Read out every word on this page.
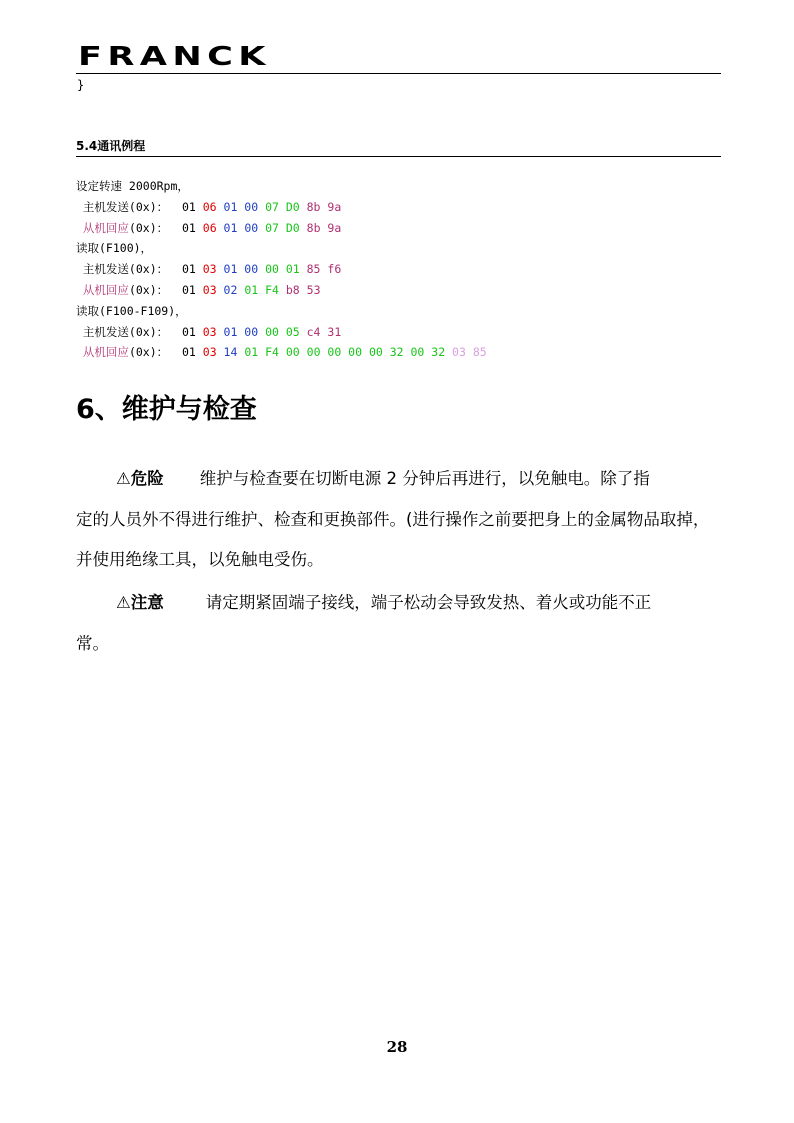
FRANCK
}
5.4通讯例程
设定转速 2000Rpm，
主机发送(0x)：  01 06 01 00 07 D0 8b 9a
从机回应(0x)：  01 06 01 00 07 D0 8b 9a
读取(F100)，
主机发送(0x)：  01 03 01 00 00 01 85 f6
从机回应(0x)：  01 03 02 01 F4 b8 53
读取(F100-F109)，
主机发送(0x)：  01 03 01 00 00 05 c4 31
从机回应(0x)：  01 03 14 01 F4 00 00 00 00 00 32 00 32 03 85
6、维护与检查
⚠危险 维护与检查要在切断电源 2 分钟后再进行，以免触电。除了指
定的人员外不得进行维护、检查和更换部件。(进行操作之前要把身上的金属物品取掉，并使用绝缘工具，以免触电受伤。
⚠注意	请定期紧固端子接线，端子松动会导致发热、着火或功能不正
常。
28
